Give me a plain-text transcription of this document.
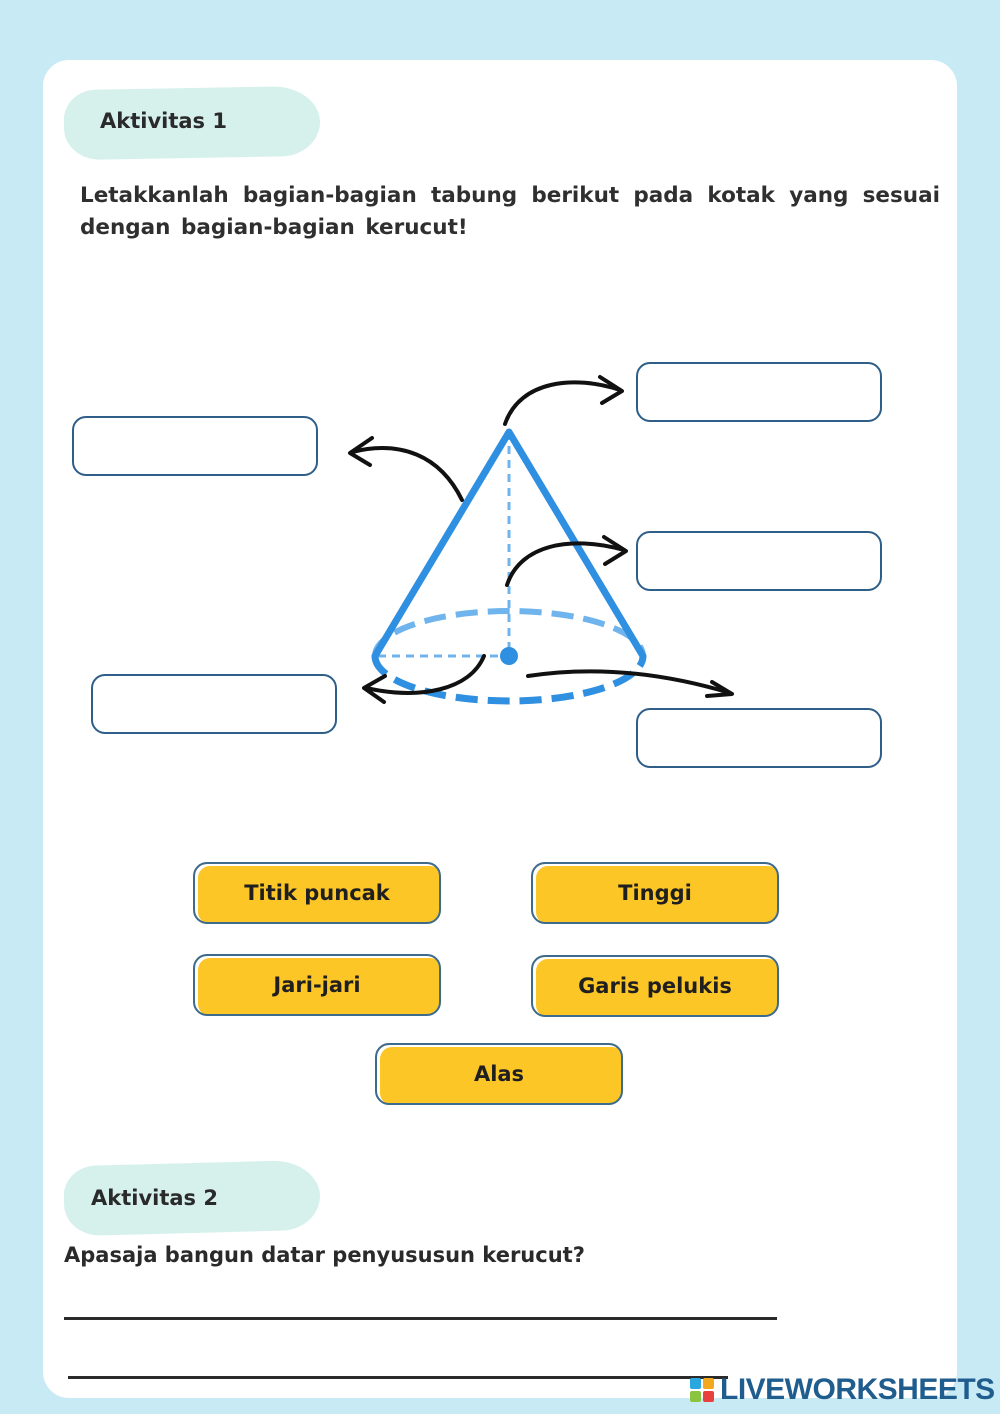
Aktivitas 1
Letakkanlah bagian-bagian tabung berikut pada kotak yang sesuai dengan bagian-bagian kerucut!
Titik puncak	Tinggi
Jari-jari	Garis pelukis
Alas
Aktivitas 2
Apasaja bangun datar penyususun kerucut?
LIVEWORKSHEETS
